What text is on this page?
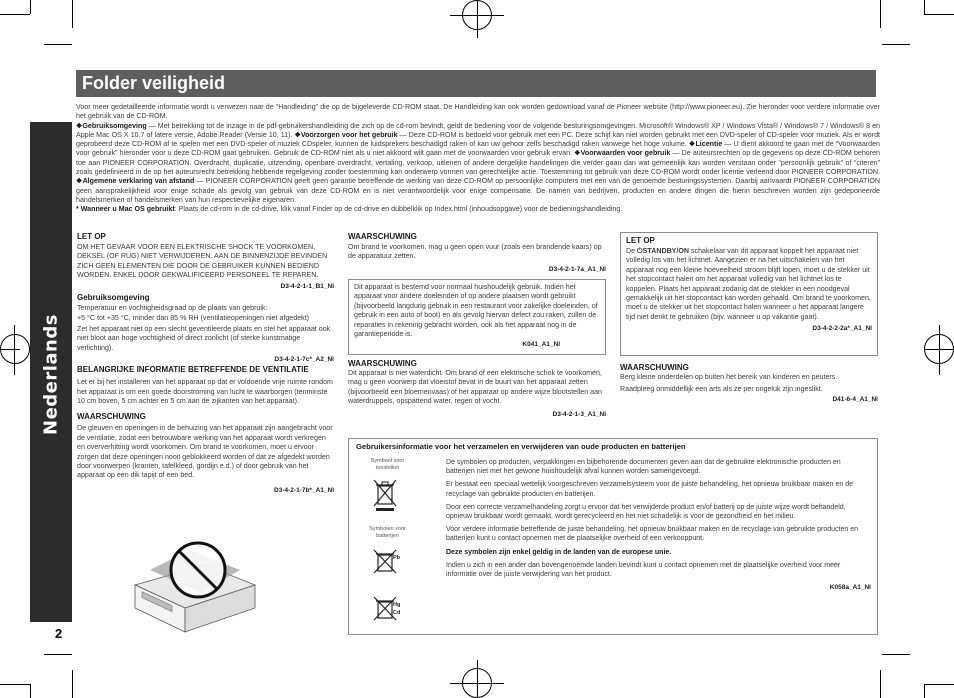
Nederlands
2
Folder veiligheid
Voor meer gedetailleerde informatie wordt u verwezen naar de “Handleiding” die op de bijgeleverde CD-ROM staat. De Handleiding kan ook worden gedownload vanaf de Pioneer website (http://www.pioneer.eu). Zie hieronder voor verdere informatie over het gebruik van de CD-ROM.
❖Gebruiksomgeving — Met betrekking tot de inzage in de pdf-gebruikershandleiding die zich op de cd-rom bevindt, geldt de bediening voor de volgende besturingsomgevingen. Microsoft® Windows® XP / Windows Vista® / Windows® 7 / Windows® 8 en Apple Mac OS X 10.7 of latere versie, Adobe Reader (Versie 10, 11). ❖Voorzorgen voor het gebruik — Deze CD-ROM is bedoeld voor gebruik met een PC. Deze schijf kan niet worden gebruikt met een DVD-speler of CD-speler voor muziek. Als er wordt geprobeerd deze CD-ROM af te spelen met een DVD-speler of muziek CDspeler, kunnen de luidsprekers beschadigd raken of kan uw gehoor zelfs beschadigd raken vanwege het hoge volume. ❖Licentie — U dient akkoord te gaan met de “Voorwaarden voor gebruik” hieronder voor u deze CD-ROM gaat gebruiken. Gebruik de CD-ROM niet als u niet akkoord wilt gaan met de voorwaarden voor gebruik ervan. ❖Voorwaarden voor gebruik — De auteursrechten op de gegevens op deze CD-ROM behoren toe aan PIONEER CORPORATION. Overdracht, duplicatie, uitzending, openbare overdracht, vertaling, verkoop, uitlenen of andere dergelijke handelingen die verder gaan dan wat gemeenlijk kan worden verstaan onder “persoonlijk gebruik” of “citeren” zoals gedefinieerd in de op het auteursrecht betrekking hebbende regelgeving zonder toestemming kan onderwerp vormen van gerechtelijke actie. Toestemming tot gebruik van deze CD-ROM wordt onder licentie verleend door PIONEER CORPORATION. ❖Algemene verklaring van afstand — PIONEER CORPORATION geeft geen garantie betreffende de werking van deze CD-ROM op persoonlijke computers met een van de genoemde besturingssystemen. Daarbij aanvaardt PIONEER CORPORATION geen aansprakelijkheid voor enige schade als gevolg van gebruik van deze CD-ROM en is niet verantwoordelijk voor enige compensatie. De namen van bedrijven, producten en andere dingen die hierin beschreven worden zijn gedeponeerde handelsmerken of handelsmerken van hun respectievelijke eigenaren.
* Wanneer u Mac OS gebruikt: Plaats de cd-rom in de cd-drive, klik vanaf Finder op de cd-drive en dubbelklik op Index.html (inhoudsopgave) voor de bedieningshandleiding.
LET OP
OM HET GEVAAR VOOR EEN ELEKTRISCHE SHOCK TE VOORKOMEN, DEKSEL (OF RUG) NIET VERWIJDEREN. AAN DE BINNENZIJDE BEVINDEN ZICH GEEN ELEMENTEN DIE DOOR DE GEBRUIKER KUNNEN BEDIEND WORDEN. ENKEL DOOR GEKWALIFICEERD PERSONEEL TE REPAREN.
D3-4-2-1-1_B1_Nl
Gebruiksomgeving
Temperatuur en vochtigheidsgraad op de plaats van gebruik:
+5 °C tot +35 °C, minder dan 85 % RH (ventilatieopeningen niet afgedekt)
Zet het apparaat niet op een slecht geventileerde plaats en stel het apparaat ook niet bloot aan hoge vochtigheid of direct zonlicht (of sterke kunstmatige verlichting).
D3-4-2-1-7c*_A2_Nl
BELANGRIJKE INFORMATIE BETREFFENDE DE VENTILATIE
Let er bij het installeren van het apparaat op dat er voldoende vrije ruimte rondom het apparaat is om een goede doorstroming van lucht te waarborgen (tenminste 10 cm boven, 5 cm achter en 5 cm aan de zijkanten van het apparaat).
WAARSCHUWING
De gleuven en openingen in de behuizing van het apparaat zijn aangebracht voor de ventilatie, zodat een betrouwbare werking van het apparaat wordt verkregen en oververhitting wordt voorkomen. Om brand te voorkomen, moet u ervoor zorgen dat deze openingen nooit geblokkeerd worden of dat ze afgedekt worden door voorwerpen (kranten, tafelkleed, gordijn e.d.) of door gebruik van het apparaat op een dik tapijt of een bed.
D3-4-2-1-7b*_A1_Nl
WAARSCHUWING
Om brand te voorkomen, mag u geen open vuur (zoals een brandende kaars) op de apparatuur zetten.
D3-4-2-1-7a_A1_Nl
Dit apparaat is bestemd voor normaal huishoudelijk gebruik. Indien het apparaat voor andere doeleinden of op andere plaatsen wordt gebruikt (bijvoorbeeld langdurig gebruik in een restaurant voor zakelijke doeleinden, of gebruik in een auto of boot) en als gevolg hiervan defect zou raken, zullen de reparaties in rekening gebracht worden, ook als het apparaat nog in de garantieperiode is.
K041_A1_Nl
WAARSCHUWING
Dit apparaat is niet waterdicht. Om brand of een elektrische schok te voorkomen, mag u geen voorwerp dat vloeistof bevat in de buurt van het apparaat zetten (bijvoorbeeld een bloemenvaas) of het apparaat op andere wijze blootstellen aan waterdruppels, opspattend water, regen of vocht.
D3-4-2-1-3_A1_Nl
LET OP
De ⏻STANDBY/ON schakelaar van dit apparaat koppelt het apparaat niet volledig los van het lichtnet. Aangezien er na het uitschakelen van het apparaat nog een kleine hoeveelheid stroom blijft lopen, moet u de stekker uit het stopcontact halen om het apparaat volledig van het lichtnet los te koppelen. Plaats het apparaat zodanig dat de stekker in een noodgeval gemakkelijk uit het stopcontact kan worden gehaald. Om brand te voorkomen, moet u de stekker uit het stopcontact halen wanneer u het apparaat langere tijd niet denkt te gebruiken (bijv. wanneer u op vakantie gaat).
D3-4-2-2-2a*_A1_Nl
WAARSCHUWING
Berg kleine onderdelen op buiten het bereik van kinderen en peuters.
Raadpleeg onmiddellijk een arts als ze per ongeluk zijn ingeslikt.
D41-6-4_A1_Nl
Gebruikersinformatie voor het verzamelen en verwijderen van oude producten en batterijen
Symbool voor toestellen
Symbolen voor batterijen
Pb
Hg
Cd
De symbolen op producten, verpakkingen en bijbehorende documenten geven aan dat de gebruikte elektronische producten en batterijen niet met het gewone huishoudelijk afval kunnen worden samengevoegd.
Er bestaat een speciaal wettelijk voorgeschreven verzamelsysteem voor de juiste behandeling, het opnieuw bruikbaar maken en de recyclage van gebruikte producten en batterijen.
Door een correcte verzamelhandeling zorgt u ervoor dat het verwijderde product en/of batterij op de juiste wijze wordt behandeld, opnieuw bruikbaar wordt gemaakt, wordt gerecycleerd en het niet schadelijk is voor de gezondheid en het milieu.
Voor verdere informatie betreffende de juiste behandeling, het opnieuw bruikbaar maken en de recyclage van gebruikte producten en batterijen kunt u contact opnemen met de plaatselijke overheid of een verkooppunt.
Deze symbolen zijn enkel geldig in de landen van de europese unie.
Indien u zich in een ander dan bovengenoemde landen bevindt kunt u contact opnemen met de plaatselijke overheid voor meer informatie over de juiste verwijdering van het product.
K058a_A1_Nl
